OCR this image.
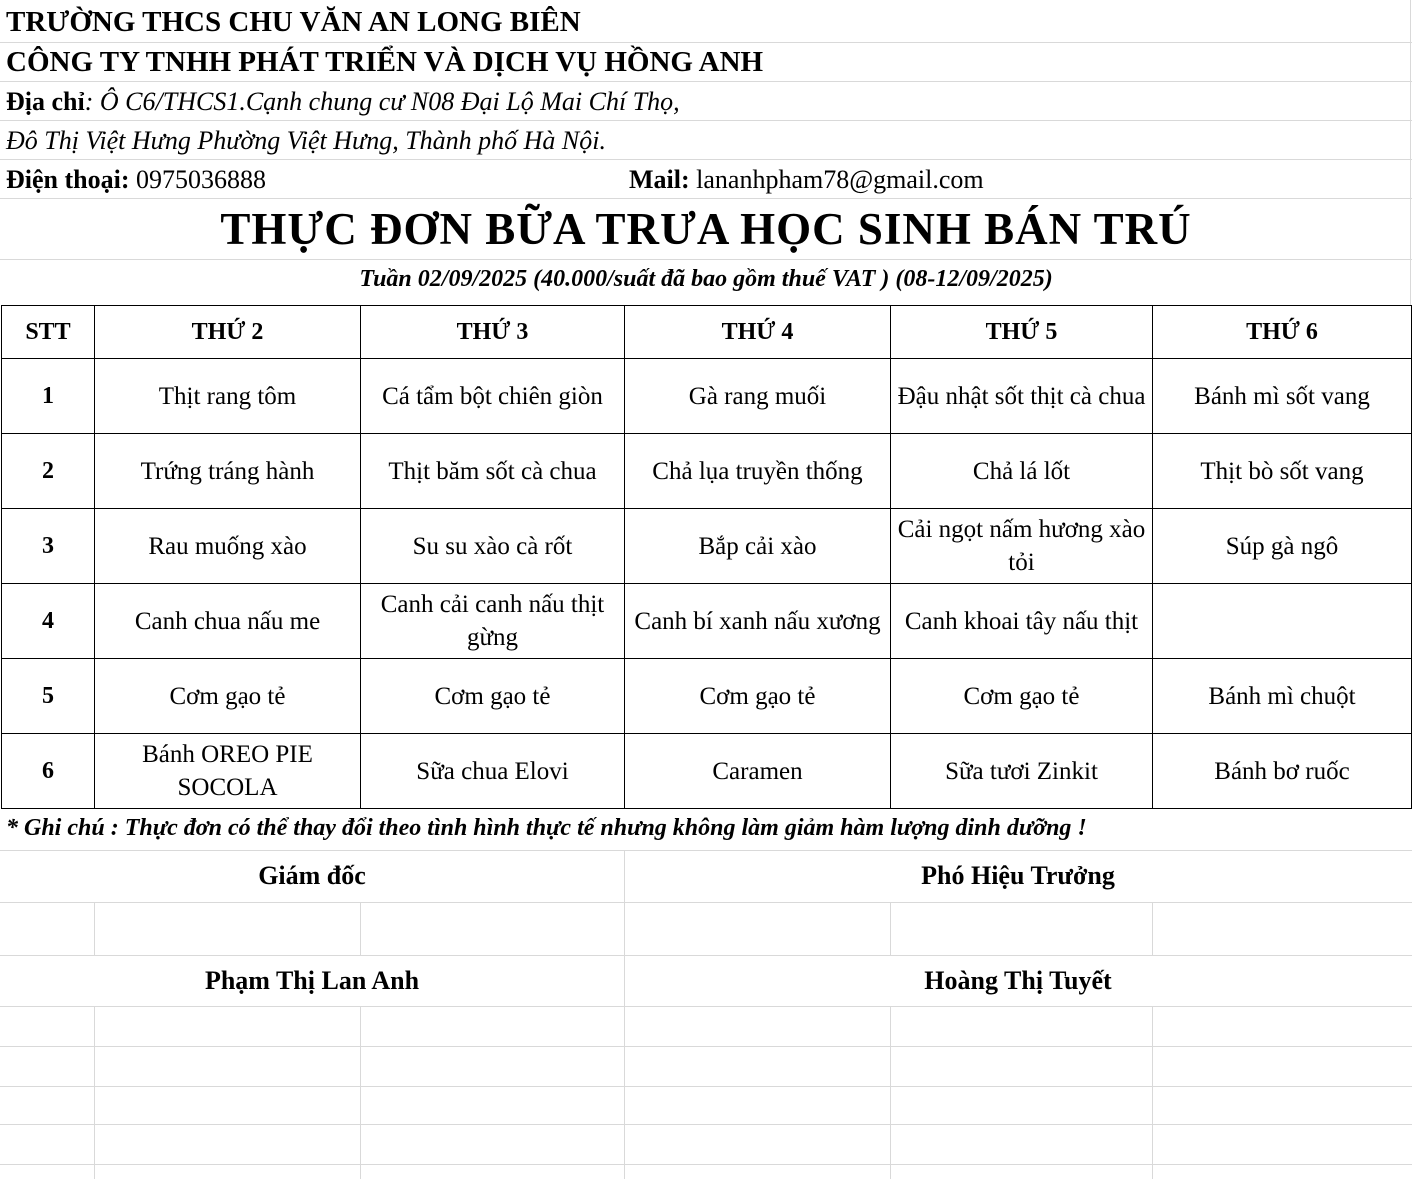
TRƯỜNG THCS CHU VĂN AN LONG BIÊN
CÔNG TY TNHH PHÁT TRIỂN VÀ DỊCH VỤ HỒNG ANH
Địa chỉ: Ô C6/THCS1.Cạnh chung cư N08 Đại Lộ Mai Chí Thọ,
Đô Thị Việt Hưng Phường Việt Hưng, Thành phố Hà Nội.
Điện thoại: 0975036888	Mail: lananhpham78@gmail.com
THỰC ĐƠN BỮA TRƯA HỌC SINH BÁN TRÚ
Tuần 02/09/2025 (40.000/suất đã bao gồm thuế VAT ) (08-12/09/2025)
STT	THỨ 2	THỨ 3	THỨ 4	THỨ 5	THỨ 6
1	Thịt rang tôm	Cá tẩm bột chiên giòn	Gà rang muối	Đậu nhật sốt thịt cà chua	Bánh mì sốt vang
2	Trứng tráng hành	Thịt băm sốt cà chua	Chả lụa truyền thống	Chả lá lốt	Thịt bò sốt vang
3	Rau muống xào	Su su xào cà rốt	Bắp cải xào	Cải ngọt nấm hương xào tỏi	Súp gà ngô
4	Canh chua nấu me	Canh cải canh nấu thịt gừng	Canh bí xanh nấu xương	Canh khoai tây nấu thịt	
5	Cơm gạo tẻ	Cơm gạo tẻ	Cơm gạo tẻ	Cơm gạo tẻ	Bánh mì chuột
6	Bánh OREO PIE SOCOLA	Sữa chua Elovi	Caramen	Sữa tươi Zinkit	Bánh bơ ruốc
* Ghi chú : Thực đơn có thể thay đổi theo tình hình thực tế nhưng không làm giảm hàm lượng dinh dưỡng !
Giám đốc	Phó Hiệu Trưởng
Phạm Thị Lan Anh	Hoàng Thị Tuyết
